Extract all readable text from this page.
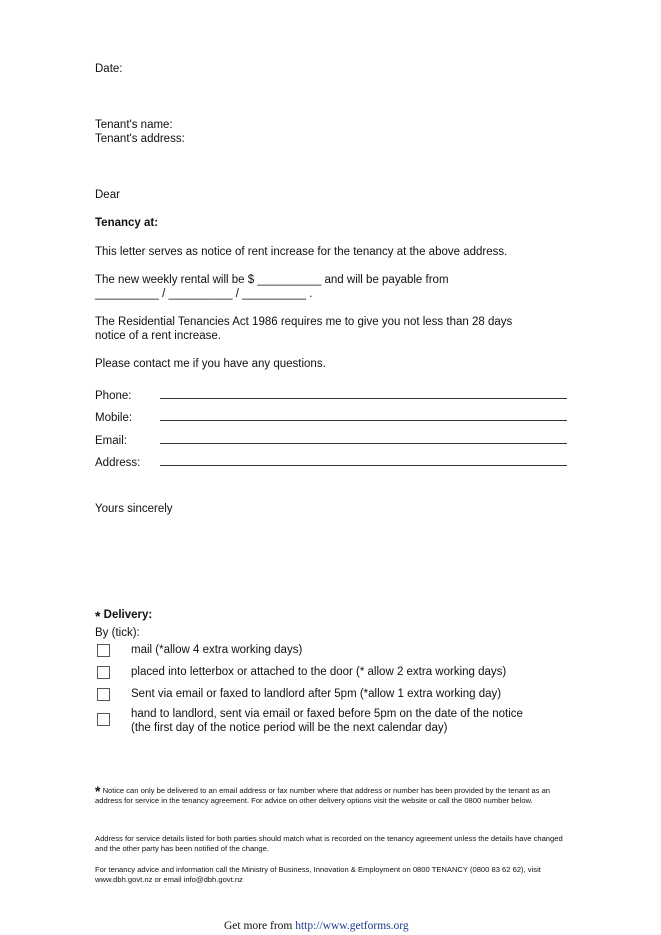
Date:
Tenant's name:
Tenant's address:
Dear
Tenancy at:
This letter serves as notice of rent increase for the tenancy at the above address.
The new weekly rental will be $ __________ and will be payable from
__________ / __________ / __________ .
The Residential Tenancies Act 1986 requires me to give you not less than 28 days
notice of a rent increase.
Please contact me if you have any questions.
Phone:
Mobile:
Email:
Address:
Yours sincerely
* Delivery:
By (tick):
mail (*allow 4 extra working days)
placed into letterbox or attached to the door (* allow 2 extra working days)
Sent via email or faxed to landlord after 5pm (*allow 1 extra working day)
hand to landlord, sent via email or faxed before 5pm on the date of the notice
(the first day of the notice period will be the next calendar day)
* Notice can only be delivered to an email address or fax number where that address or number has been provided by the tenant as an address for service in the tenancy agreement. For advice on other delivery options visit the website or call the 0800 number below.
Address for service details listed for both parties should match what is recorded on the tenancy agreement unless the details have changed and the other party has been notified of the change.
For tenancy advice and information call the Ministry of Business, Innovation & Employment on 0800 TENANCY (0800 83 62 62), visit www.dbh.govt.nz or email info@dbh.govt.nz
Get more from http://www.getforms.org
